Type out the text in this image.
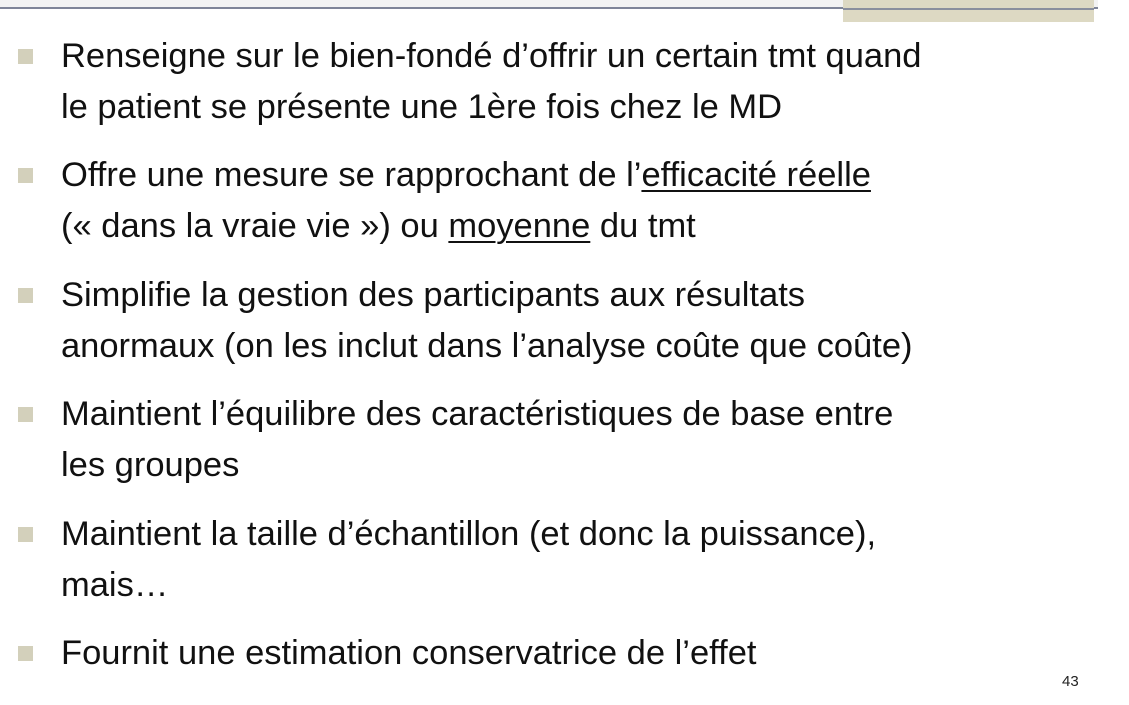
Renseigne sur le bien-fondé d’offrir un certain tmt quand
le patient se présente une 1ère fois chez le MD
Offre une mesure se rapprochant de l’efficacité réelle
(« dans la vraie vie ») ou moyenne du tmt
Simplifie la gestion des participants aux résultats
anormaux (on les inclut dans l’analyse coûte que coûte)
Maintient l’équilibre des caractéristiques de base entre
les groupes
Maintient la taille d’échantillon (et donc la puissance),
mais…
Fournit une estimation conservatrice de l’effet
43
